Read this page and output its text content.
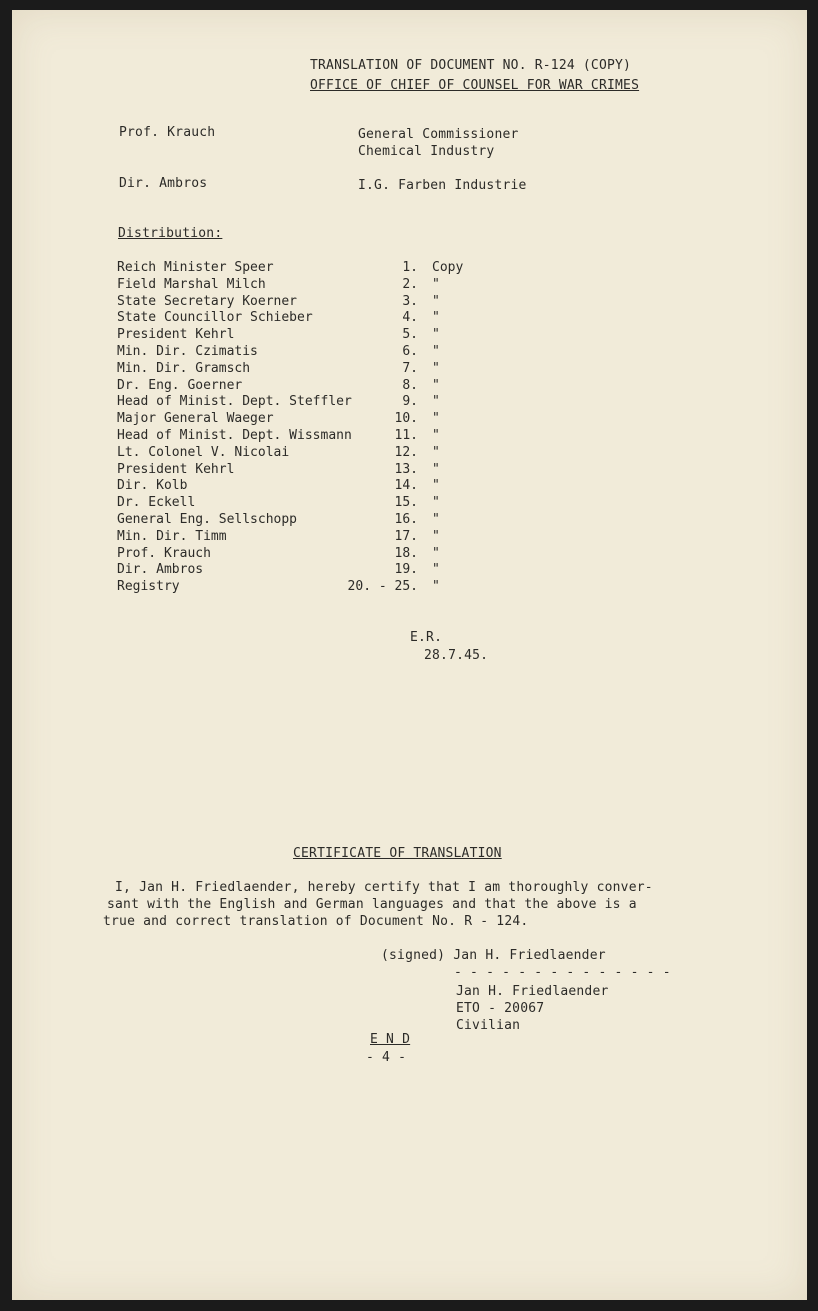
TRANSLATION OF DOCUMENT NO. R-124 (COPY)
OFFICE OF CHIEF OF COUNSEL FOR WAR CRIMES
Prof. Krauch	General Commissioner
Chemical Industry
Dir. Ambros	I.G. Farben Industrie
Distribution:
Reich Minister Speer	1. Copy
Field Marshal Milch	2. "
State Secretary Koerner	3. "
State Councillor Schieber	4. "
President Kehrl	5. "
Min. Dir. Czimatis	6. "
Min. Dir. Gramsch	7. "
Dr. Eng. Goerner	8. "
Head of Minist. Dept. Steffler	9. "
Major General Waeger	10. "
Head of Minist. Dept. Wissmann	11. "
Lt. Colonel V. Nicolai	12. "
President Kehrl	13. "
Dir. Kolb	14. "
Dr. Eckell	15. "
General Eng. Sellschopp	16. "
Min. Dir. Timm	17. "
Prof. Krauch	18. "
Dir. Ambros	19. "
Registry	20. - 25. "
E.R.
28.7.45.
CERTIFICATE OF TRANSLATION
I, Jan H. Friedlaender, hereby certify that I am thoroughly conver-
sant with the English and German languages and that the above is a
true and correct translation of Document No. R - 124.
(signed) Jan H. Friedlaender
- - - - - - - - - - - - - -
Jan H. Friedlaender
ETO - 20067
Civilian
E N D
- 4 -
